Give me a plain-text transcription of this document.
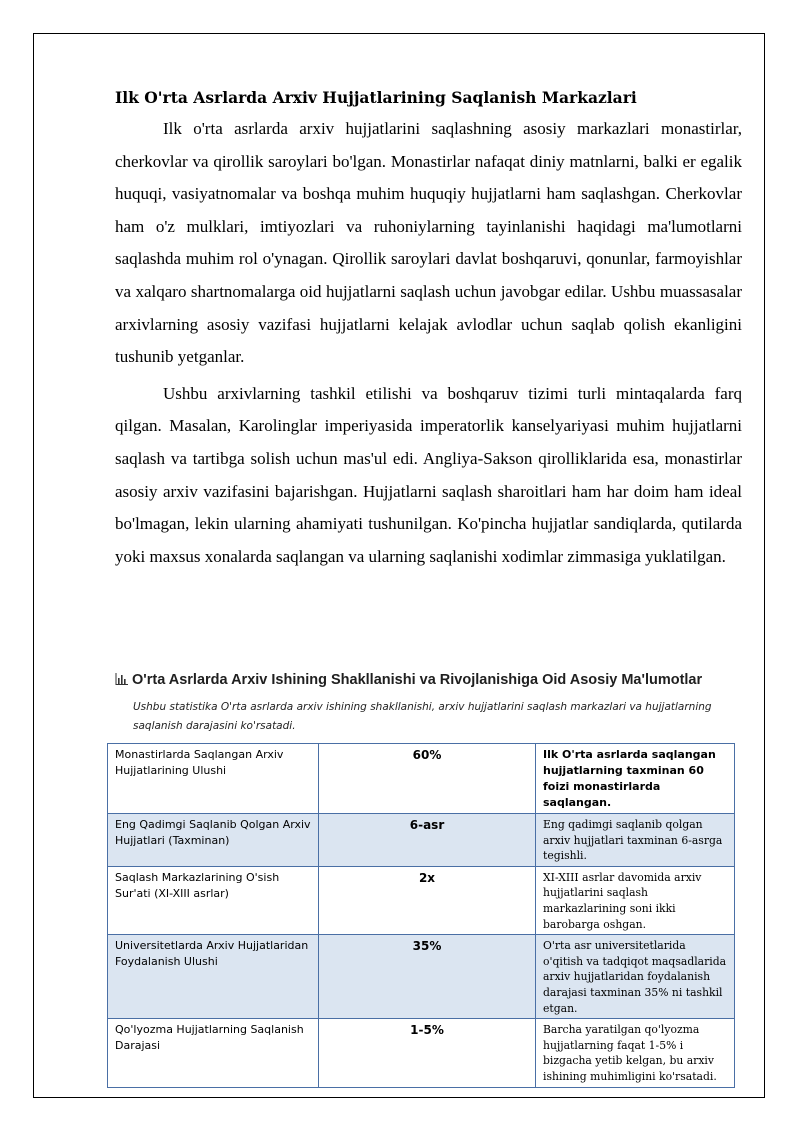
Ilk O'rta Asrlarda Arxiv Hujjatlarining Saqlanish Markazlari

Ilk o'rta asrlarda arxiv hujjatlarini saqlashning asosiy markazlari monastirlar, cherkovlar va qirollik saroylari bo'lgan. Monastirlar nafaqat diniy matnlarni, balki er egalik huquqi, vasiyatnomalar va boshqa muhim huquqiy hujjatlarni ham saqlashgan. Cherkovlar ham o'z mulklari, imtiyozlari va ruhoniylarning tayinlanishi haqidagi ma'lumotlarni saqlashda muhim rol o'ynagan. Qirollik saroylari davlat boshqaruvi, qonunlar, farmoyishlar va xalqaro shartnomalarga oid hujjatlarni saqlash uchun javobgar edilar. Ushbu muassasalar arxivlarning asosiy vazifasi hujjatlarni kelajak avlodlar uchun saqlab qolish ekanligini tushunib yetganlar.

Ushbu arxivlarning tashkil etilishi va boshqaruv tizimi turli mintaqalarda farq qilgan. Masalan, Karolinglar imperiyasida imperatorlik kanselyariyasi muhim hujjatlarni saqlash va tartibga solish uchun mas'ul edi. Angliya-Sakson qirolliklarida esa, monastirlar asosiy arxiv vazifasini bajarishgan. Hujjatlarni saqlash sharoitlari ham har doim ham ideal bo'lmagan, lekin ularning ahamiyati tushunilgan. Ko'pincha hujjatlar sandiqlarda, qutilarda yoki maxsus xonalarda saqlangan va ularning saqlanishi xodimlar zimmasiga yuklatilgan.

O'rta Asrlarda Arxiv Ishining Shakllanishi va Rivojlanishiga Oid Asosiy Ma'lumotlar
Ushbu statistika O'rta asrlarda arxiv ishining shakllanishi, arxiv hujjatlarini saqlash markazlari va hujjatlarning saqlanish darajasini ko'rsatadi.
Monastirlarda Saqlangan Arxiv Hujjatlarining Ulushi	60%	Ilk O'rta asrlarda saqlangan hujjatlarning taxminan 60 foizi monastirlarda saqlangan.
Eng Qadimgi Saqlanib Qolgan Arxiv Hujjatlari (Taxminan)	6-asr	Eng qadimgi saqlanib qolgan arxiv hujjatlari taxminan 6-asrga tegishli.
Saqlash Markazlarining O'sish Sur'ati (XI-XIII asrlar)	2x	XI-XIII asrlar davomida arxiv hujjatlarini saqlash markazlarining soni ikki barobarga oshgan.
Universitetlarda Arxiv Hujjatlaridan Foydalanish Ulushi	35%	O'rta asr universitetlarida o'qitish va tadqiqot maqsadlarida arxiv hujjatlaridan foydalanish darajasi taxminan 35% ni tashkil etgan.
Qo'lyozma Hujjatlarning Saqlanish Darajasi	1-5%	Barcha yaratilgan qo'lyozma hujjatlarning faqat 1-5% i bizgacha yetib kelgan, bu arxiv ishining muhimligini ko'rsatadi.
